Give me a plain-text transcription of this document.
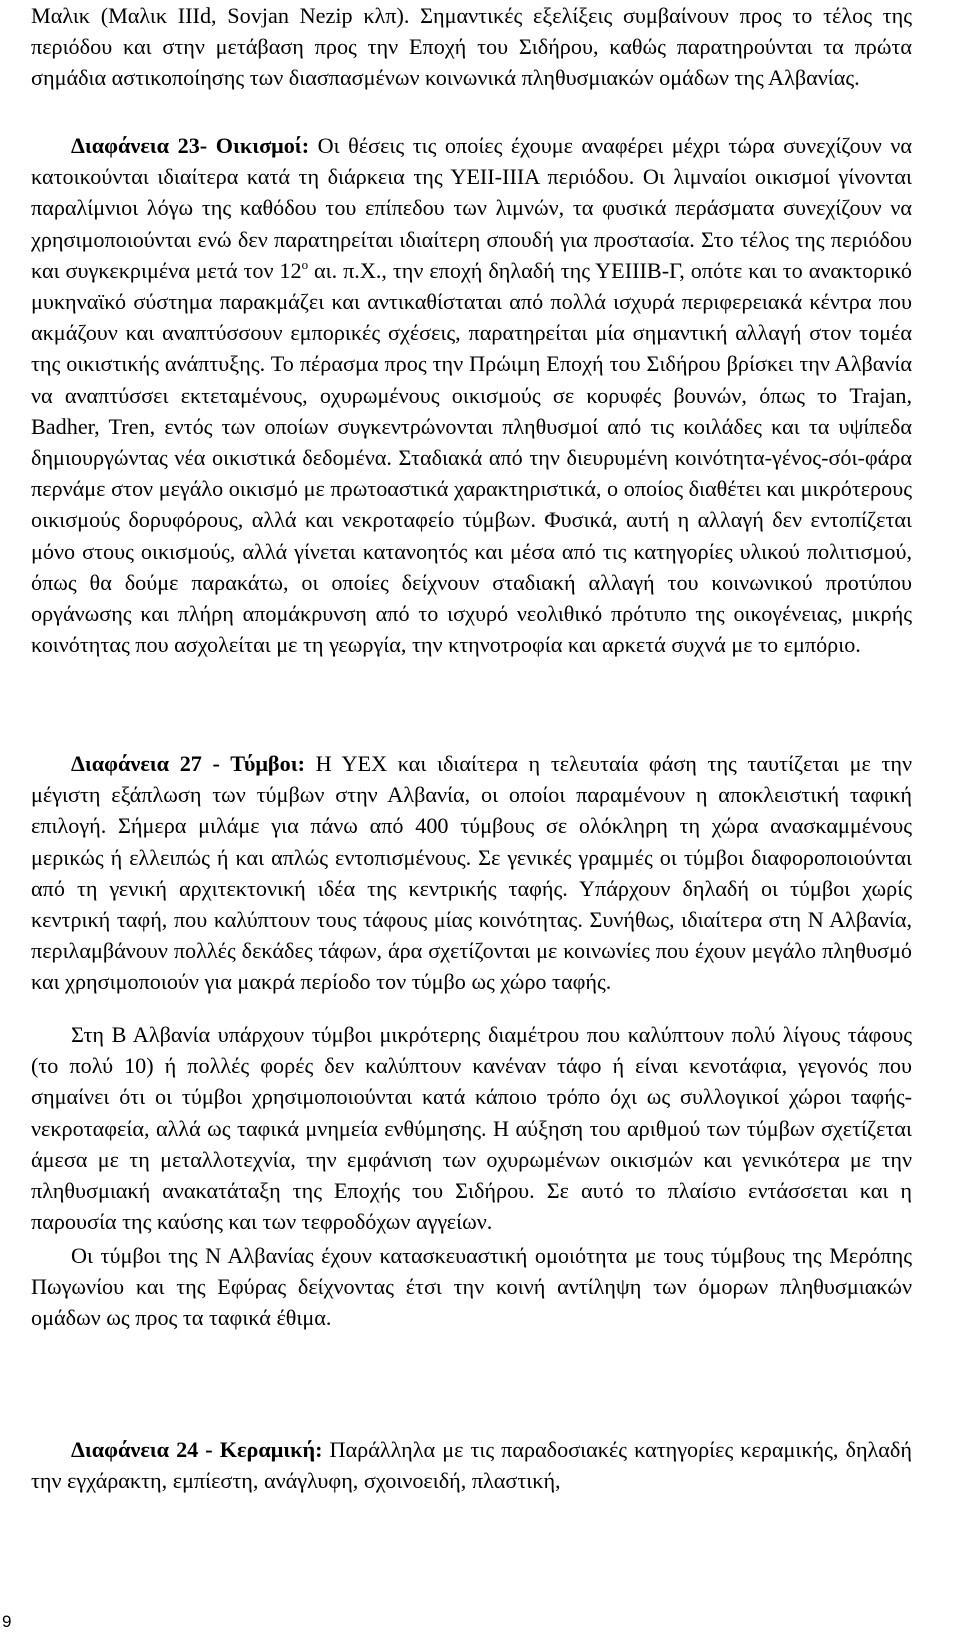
Μαλικ (Μαλικ IIId, Sovjan Nezip κλπ). Σημαντικές εξελίξεις συμβαίνουν προς το τέλος της περιόδου και στην μετάβαση προς την Εποχή του Σιδήρου, καθώς παρατηρούνται τα πρώτα σημάδια αστικοποίησης των διασπασμένων κοινωνικά πληθυσμιακών ομάδων της Αλβανίας.

Διαφάνεια 23- Οικισμοί: Οι θέσεις τις οποίες έχουμε αναφέρει μέχρι τώρα συνεχίζουν να κατοικούνται ιδιαίτερα κατά τη διάρκεια της ΥΕΙΙ-ΙΙΙΑ περιόδου. Οι λιμναίοι οικισμοί γίνονται παραλίμνιοι λόγω της καθόδου του επίπεδου των λιμνών, τα φυσικά περάσματα συνεχίζουν να χρησιμοποιούνται ενώ δεν παρατηρείται ιδιαίτερη σπουδή για προστασία. Στο τέλος της περιόδου και συγκεκριμένα μετά τον $12^o$ αι. π.Χ., την εποχή δηλαδή της ΥΕΙΙΙΒ-Γ, οπότε και το ανακτορικό μυκηναϊκό σύστημα παρακμάζει και αντικαθίσταται από πολλά ισχυρά περιφερειακά κέντρα που ακμάζουν και αναπτύσσουν εμπορικές σχέσεις, παρατηρείται μία σημαντική αλλαγή στον τομέα της οικιστικής ανάπτυξης. Το πέρασμα προς την Πρώιμη Εποχή του Σιδήρου βρίσκει την Αλβανία να αναπτύσσει εκτεταμένους, οχυρωμένους οικισμούς σε κορυφές βουνών, όπως το Trajan, Badher, Tren, εντός των οποίων συγκεντρώνονται πληθυσμοί από τις κοιλάδες και τα υψίπεδα δημιουργώντας νέα οικιστικά δεδομένα. Σταδιακά από την διευρυμένη κοινότητα-γένος-σόι-φάρα περνάμε στον μεγάλο οικισμό με πρωτοαστικά χαρακτηριστικά, ο οποίος διαθέτει και μικρότερους οικισμούς δορυφόρους, αλλά και νεκροταφείο τύμβων. Φυσικά, αυτή η αλλαγή δεν εντοπίζεται μόνο στους οικισμούς, αλλά γίνεται κατανοητός και μέσα από τις κατηγορίες υλικού πολιτισμού, όπως θα δούμε παρακάτω, οι οποίες δείχνουν σταδιακή αλλαγή του κοινωνικού προτύπου οργάνωσης και πλήρη απομάκρυνση από το ισχυρό νεολιθικό πρότυπο της οικογένειας, μικρής κοινότητας που ασχολείται με τη γεωργία, την κτηνοτροφία και αρκετά συχνά με το εμπόριο.

Διαφάνεια 27 - Τύμβοι: Η ΥΕΧ και ιδιαίτερα η τελευταία φάση της ταυτίζεται με την μέγιστη εξάπλωση των τύμβων στην Αλβανία, οι οποίοι παραμένουν η αποκλειστική ταφική επιλογή. Σήμερα μιλάμε για πάνω από 400 τύμβους σε ολόκληρη τη χώρα ανασκαμμένους μερικώς ή ελλειπώς ή και απλώς εντοπισμένους. Σε γενικές γραμμές οι τύμβοι διαφοροποιούνται από τη γενική αρχιτεκτονική ιδέα της κεντρικής ταφής. Υπάρχουν δηλαδή οι τύμβοι χωρίς κεντρική ταφή, που καλύπτουν τους τάφους μίας κοινότητας. Συνήθως, ιδιαίτερα στη Ν Αλβανία, περιλαμβάνουν πολλές δεκάδες τάφων, άρα σχετίζονται με κοινωνίες που έχουν μεγάλο πληθυσμό και χρησιμοποιούν για μακρά περίοδο τον τύμβο ως χώρο ταφής.

Στη Β Αλβανία υπάρχουν τύμβοι μικρότερης διαμέτρου που καλύπτουν πολύ λίγους τάφους (το πολύ 10) ή πολλές φορές δεν καλύπτουν κανέναν τάφο ή είναι κενοτάφια, γεγονός που σημαίνει ότι οι τύμβοι χρησιμοποιούνται κατά κάποιο τρόπο όχι ως συλλογικοί χώροι ταφής-νεκροταφεία, αλλά ως ταφικά μνημεία ενθύμησης. Η αύξηση του αριθμού των τύμβων σχετίζεται άμεσα με τη μεταλλοτεχνία, την εμφάνιση των οχυρωμένων οικισμών και γενικότερα με την πληθυσμιακή ανακατάταξη της Εποχής του Σιδήρου. Σε αυτό το πλαίσιο εντάσσεται και η παρουσία της καύσης και των τεφροδόχων αγγείων.

Οι τύμβοι της Ν Αλβανίας έχουν κατασκευαστική ομοιότητα με τους τύμβους της Μερόπης Πωγωνίου και της Εφύρας δείχνοντας έτσι την κοινή αντίληψη των όμορων πληθυσμιακών ομάδων ως προς τα ταφικά έθιμα.

Διαφάνεια 24 - Κεραμική: Παράλληλα με τις παραδοσιακές κατηγορίες κεραμικής, δηλαδή την εγχάρακτη, εμπίεστη, ανάγλυφη, σχοινοειδή, πλαστική,

9
